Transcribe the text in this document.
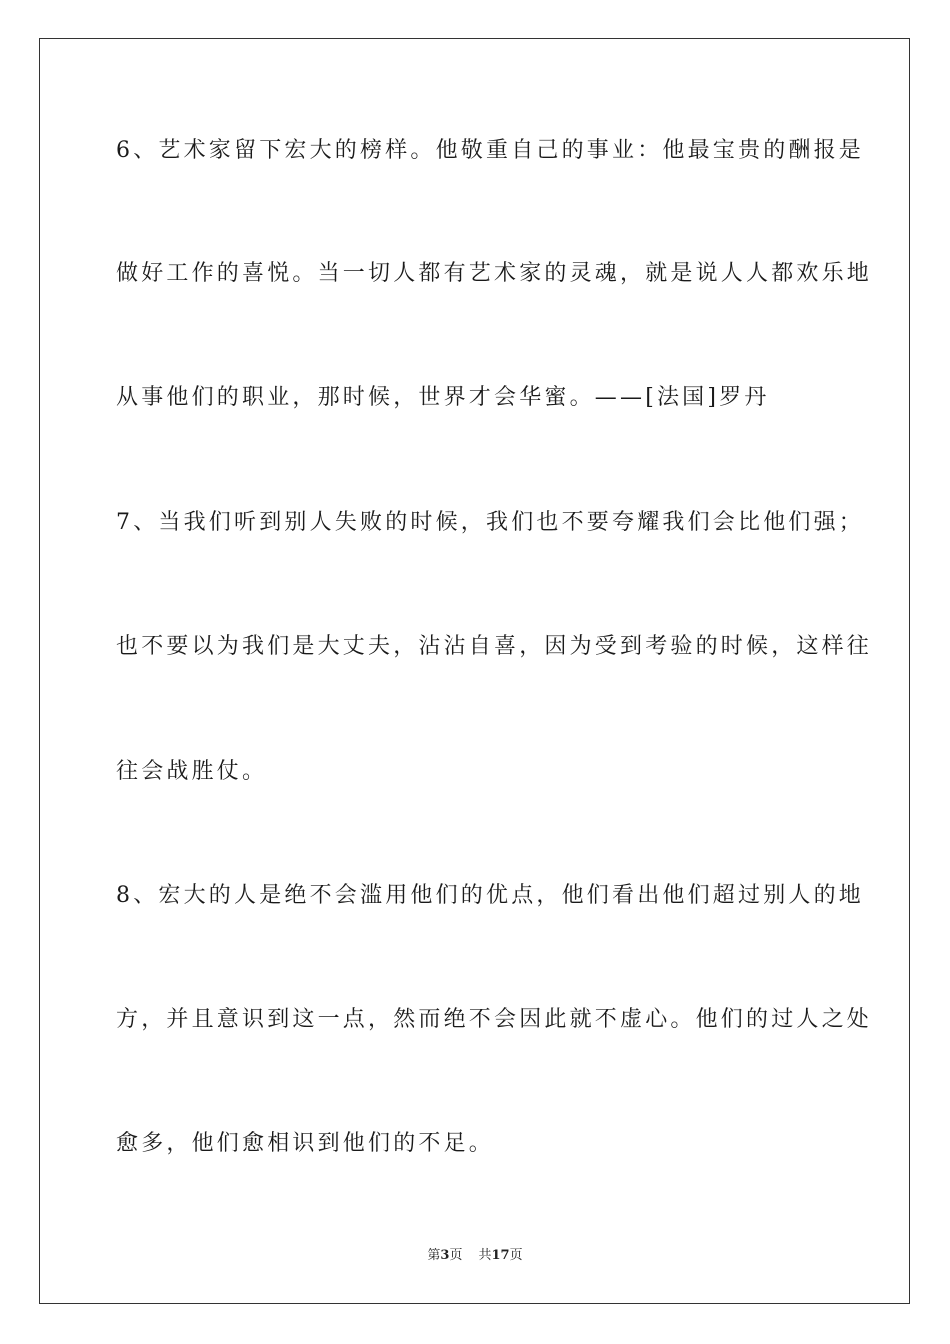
6、艺术家留下宏大的榜样。他敬重自己的事业：他最宝贵的酬报是
做好工作的喜悦。当一切人都有艺术家的灵魂，就是说人人都欢乐地
从事他们的职业，那时候，世界才会华蜜。——[法国]罗丹
7、当我们听到别人失败的时候，我们也不要夸耀我们会比他们强；
也不要以为我们是大丈夫，沾沾自喜，因为受到考验的时候，这样往
往会战胜仗。
8、宏大的人是绝不会滥用他们的优点，他们看出他们超过别人的地
方，并且意识到这一点，然而绝不会因此就不虚心。他们的过人之处
愈多，他们愈相识到他们的不足。
第3页 共17页
